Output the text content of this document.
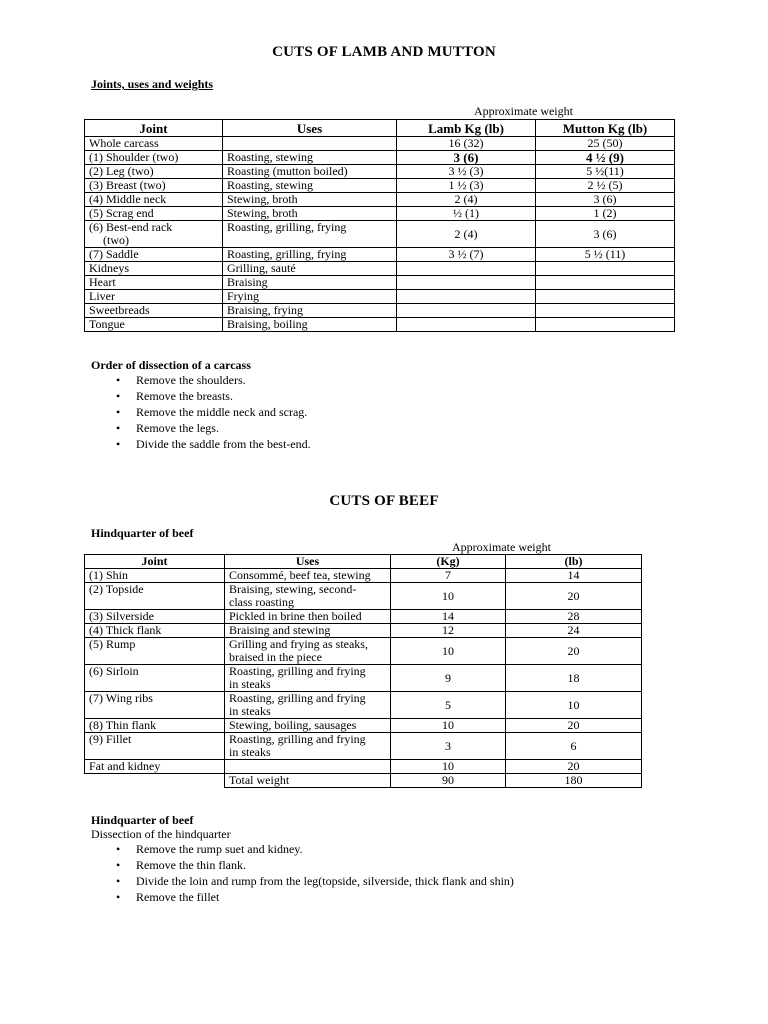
CUTS OF LAMB AND MUTTON
Joints, uses and weights
Approximate weight
Joint	Uses	Lamb Kg (lb)	Mutton Kg (lb)
Whole carcass		16 (32)	25 (50)
(1) Shoulder (two)	Roasting, stewing	3 (6)	4 ½ (9)
(2) Leg (two)	Roasting (mutton boiled)	3 ½ (3)	5 ½(11)
(3) Breast (two)	Roasting, stewing	1 ½ (3)	2 ½ (5)
(4) Middle neck	Stewing, broth	2 (4)	3 (6)
(5) Scrag end	Stewing, broth	½ (1)	1 (2)

(6) Best-end rack
(two)	Roasting, grilling, frying	2 (4)	3 (6)
(7) Saddle	Roasting, grilling, frying	3 ½ (7)	5 ½ (11)
Kidneys	Grilling, sauté		
Heart	Braising		
Liver	Frying		
Sweetbreads	Braising, frying		
Tongue	Braising, boiling		
Order of dissection of a carcass
• Remove the shoulders.
• Remove the breasts.
• Remove the middle neck and scrag.
• Remove the legs.
• Divide the saddle from the best-end.
CUTS OF BEEF
Hindquarter of beef
Approximate weight
Joint	Uses	(Kg)	(lb)
(1) Shin	Consommé, beef tea, stewing	7	14
(2) Topside	Braising, stewing, second-
class roasting	10	20
(3) Silverside	Pickled in brine then boiled	14	28
(4) Thick flank	Braising and stewing	12	24
(5) Rump	Grilling and frying as steaks,
braised in the piece	10	20
(6) Sirloin	Roasting, grilling and frying
in steaks	9	18
(7) Wing ribs	Roasting, grilling and frying
in steaks	5	10
(8) Thin flank	Stewing, boiling, sausages	10	20
(9) Fillet	Roasting, grilling and frying
in steaks	3	6
Fat and kidney		10	20
	Total weight	90	180
Hindquarter of beef
Dissection of the hindquarter
• Remove the rump suet and kidney.
• Remove the thin flank.
• Divide the loin and rump from the leg(topside, silverside, thick flank and shin)
• Remove the fillet
